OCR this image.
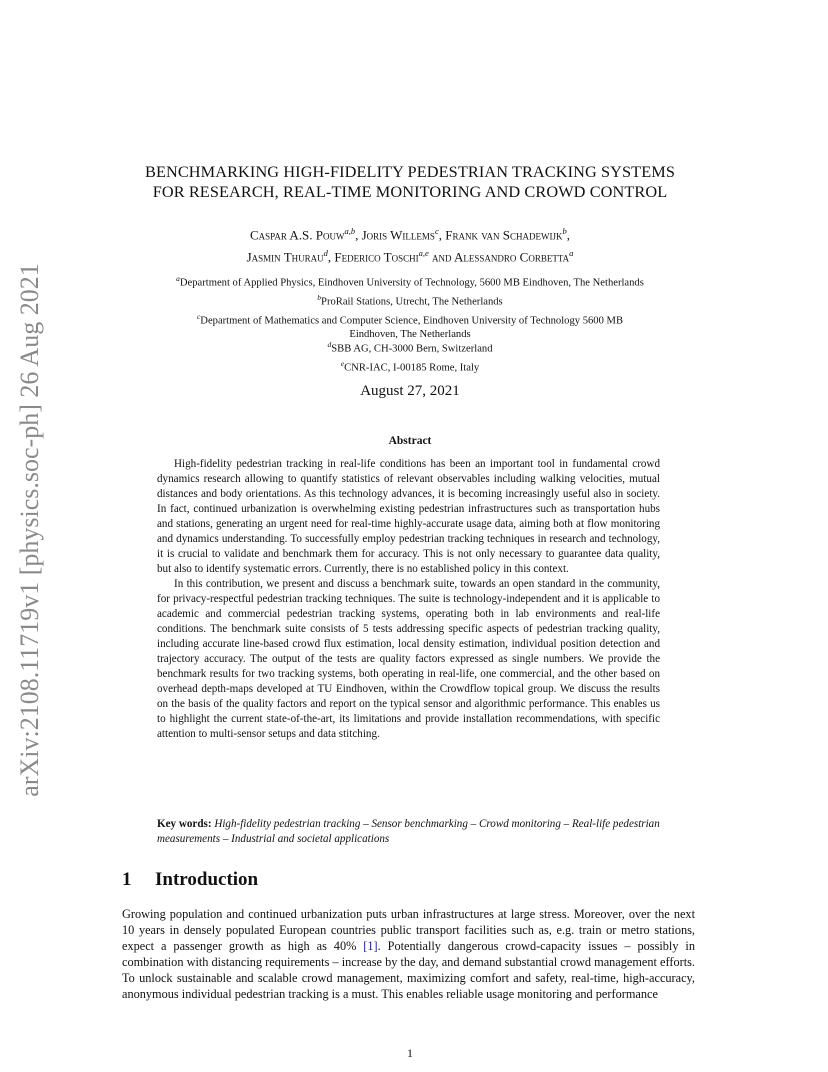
arXiv:2108.11719v1 [physics.soc-ph] 26 Aug 2021
BENCHMARKING HIGH-FIDELITY PEDESTRIAN TRACKING SYSTEMS
FOR RESEARCH, REAL-TIME MONITORING AND CROWD CONTROL
Caspar A.S. Pouw$^{a,b}$, Joris Willems$^c$, Frank van Schadewijk$^b$,
Jasmin Thurau$^d$, Federico Toschi$^{a,e}$ and Alessandro Corbetta$^a$
$^a$Department of Applied Physics, Eindhoven University of Technology, 5600 MB Eindhoven, The Netherlands
$^b$ProRail Stations, Utrecht, The Netherlands
$^c$Department of Mathematics and Computer Science, Eindhoven University of Technology 5600 MB
Eindhoven, The Netherlands
$^d$SBB AG, CH-3000 Bern, Switzerland
$^e$CNR-IAC, I-00185 Rome, Italy
August 27, 2021
Abstract

High-fidelity pedestrian tracking in real-life conditions has been an important tool in fundamental crowd dynamics research allowing to quantify statistics of relevant observables including walking velocities, mutual distances and body orientations. As this technology advances, it is becoming increasingly useful also in society. In fact, continued urbanization is overwhelming existing pedestrian infrastructures such as transportation hubs and stations, generating an urgent need for real-time highly-accurate usage data, aiming both at flow monitoring and dynamics understanding. To successfully employ pedestrian tracking techniques in research and technology, it is crucial to validate and benchmark them for accuracy. This is not only necessary to guarantee data quality, but also to identify systematic errors. Currently, there is no established policy in this context.

In this contribution, we present and discuss a benchmark suite, towards an open standard in the community, for privacy-respectful pedestrian tracking techniques. The suite is technology-independent and it is applicable to academic and commercial pedestrian tracking systems, operating both in lab environments and real-life conditions. The benchmark suite consists of 5 tests addressing specific aspects of pedestrian tracking quality, including accurate line-based crowd flux estimation, local density estimation, individual position detection and trajectory accuracy. The output of the tests are quality factors expressed as single numbers. We provide the benchmark results for two tracking systems, both operating in real-life, one commercial, and the other based on overhead depth-maps developed at TU Eindhoven, within the Crowdflow topical group. We discuss the results on the basis of the quality factors and report on the typical sensor and algorithmic performance. This enables us to highlight the current state-of-the-art, its limitations and provide installation recommendations, with specific attention to multi-sensor setups and data stitching.

Key words: High-fidelity pedestrian tracking – Sensor benchmarking – Crowd monitoring – Real-life pedestrian measurements – Industrial and societal applications
1 Introduction

Growing population and continued urbanization puts urban infrastructures at large stress. Moreover, over the next 10 years in densely populated European countries public transport facilities such as, e.g. train or metro stations, expect a passenger growth as high as 40% [1]. Potentially dangerous crowd-capacity issues – possibly in combination with distancing requirements – increase by the day, and demand substantial crowd management efforts. To unlock sustainable and scalable crowd management, maximizing comfort and safety, real-time, high-accuracy, anonymous individual pedestrian tracking is a must. This enables reliable usage monitoring and performance

1
